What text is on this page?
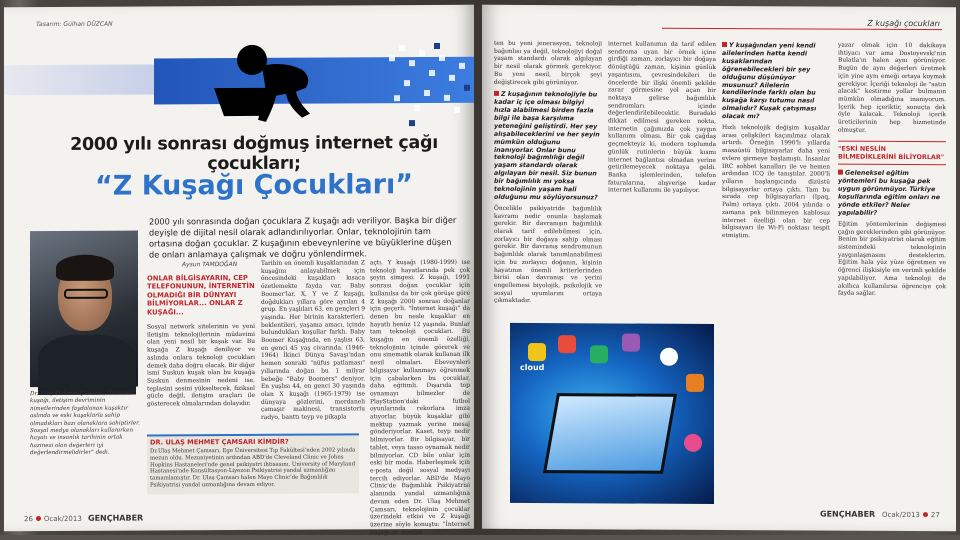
Tasarım: Gülhan DÜZCAN
2000 yılı sonrası doğmuş internet çağı çocukları;
“Z Kuşağı Çocukları”
2000 yılı sonrasında doğan çocuklara Z kuşağı adı veriliyor. Başka bir diğer deyişle de dijital nesil olarak adlandırılıyorlar. Onlar, teknolojinin tam ortasına doğan çocuklar. Z kuşağının ebeveynlerine ve büyüklerine düşen de onları anlamaya çalışmak ve doğru yönlendirmek.
Dr. Ulaş Mehmet Çamsarı, "İnternet kuşağı, iletişim devriminin nimetlerinden faydalanan kuşaktır aslında ve eski kuşaklarla sahip olmadıkları bazı olanaklara sahiptirler. Sosyal medya olanakları kullanırken hayatı ve insanlık tarihinin ortak hazinesi olan değerleri iyi değerlendirmelidirler" dedi.
Aysun TAMDOĞAN
ONLAR BİLGİSAYARIN, CEP TELEFONUNUN, İNTERNETİN OLMADIĞI BİR DÜNYAYI BİLMİYORLAR... ONLAR Z KUŞAĞI...
Sosyal network sitelerinin ve yeni iletişim teknolojilerinin müdavimi olan yeni nesil bir kuşak var. Bu kuşağa Z kuşağı deniliyor ve aslında onlara teknoloji çocukları demek daha doğru olacak. Bir diğer ismi Suskun kuşak olan bu kuşağa Suskun denmesinin nedeni ise, teplasini sesini yükseltecek, fiziksel gücle değil, iletişim araçları ile gösterecek olmalarından dolayıdır.
Tarihin en önemli kuşaklarından Z kuşağını anlayabilmek için öncesindeki kuşakları kısaca özetlemekte fayda var. Baby Boomer'lar, X, Y ve Z kuşağı, doğdukları yıllara göre ayrılan 4 grup. En yaşlıları 63, en gençleri 9 yaşında. Her birinin karakterleri, beklentileri, yaşama amacı, içinde bulundukları koşullar farklı. Baby Boomer Kuşağında, en yaşlısı 63, en genci 45 yaş civarında. (1946-1964) İkinci Dünya Savaşı'ndan hemen sonraki "nüfus patlaması" yıllarında doğan bu 1 milyar bebeğe "Baby Boomers" deniyor. En yaşlısı 44, en genci 30 yaşında olan X kuşağı (1965-1979) ise dünyaya gözlerini, merdaneli çamaşır makinesi, transistorlu radyo, banttı teyp ve pikapla
açtı. Y kuşağı (1980-1999) ise teknoloji hayatlarında pek çok şeyin simgesi. Z kuşağı, 1991 sonrası doğan çocuklar için kullanılsa da bir çok görüşe göre Z kuşağı 2000 sonrası doğanlar için geçerli. "İnternet kuşağı" da denen bu nesle kuşaklar en hayatlı henüz 12 yaşında. Bunlar tam teknoloji çocukları. Bu kuşağın en önemli özelliği, teknolojinin içinde görerek ve onu sinematik olarak kullanan ilk nesil olmaları. Ebeveynleri bilgisayar kullanmayı öğrenmek için çabalarken bu çocuklar, daha eğitimli. Dışarıda top oynamayı bilmezler de PlayStation'daki futbol oyunlarında rekorlara imza atıyorlar, büyük kuşaklar gibi mektup yazmak yerine mesaj gönderiyorlar. Kaset, teyp nedir bilmiyorlar. Bir bilgisayar, bir tablet, veya tasso oynamak nedir bilmiyorlar. CD bile onlar için eski bir moda. Haberleşmek için e-posta değil sosyal medyayı tercih ediyorlar. ABD'de Mayo Clinic'de Bağımlılık Psikiyatrisi alanında yandal uzmanlığına devam eden Dr. Ulaş Mehmet Çamsarı, teknolojinin çocuklar üzerindeki etkisi ve Z kuşağı üzerine söyle konuştu: "İnternet kuşağı da denilen
DR. ULAŞ MEHMET ÇAMSARI KİMDİR?

Dr.Ulaş Mehmet Çamsarı, Ege Üniversitesi Tıp Fakültesi'nden 2002 yılında mezun oldu. Mezuniyetinin ardından ABD'de Cleveland Clinic ve Johns Hopkins Hastaneleri'nde genel psikiyatri ihtisasını, University of Maryland Hastanesi'nde Konsültasyon-Liyezon Psikiyatrisi yandal uzmanlığını tamamlamıştır. Dr. Ulaş Çamsarı halen Mayo Clinic'de Bağımlılık Psikiyatrisi yandal uzmanlığına devam ediyor.

26 Ocak/2013 GENÇHABER
Z kuşağı çocukları
ten bu yeni jenerasyon, teknoloji bağımlısı ya değil, teknolojiyi doğal yaşam standardı olarak algılayan bir nesil olarak görmek gerekiyor. Bu yeni nesil, birçok şeyi değiştirecek gibi görünüyor.
Z kuşağının teknolojiyle bu kadar iç içe olması bilgiyi hızla alabilmesi birden fazla bilgi ile başa karşılıma yeteneğini geliştirdi. Her şey alışabileceklerini ve her şeyin mümkün olduğunu inanıyorlar. Onlar bunu teknoloji bağımlılığı değil yaşam standardı olarak algılayan bir nesil. Siz bunun bir bağımlılık mı yoksa teknolojinin yaşam hali olduğunu mu söylüyorsunuz?
Öncelikle psikiyatride bağımlılık kavramı nedir onunla başlamak gerekir. Bir davranışın bağımlılık olarak tarif edilebilmesi için, zorlayıcı bir doğaya sahip olması gerekir. Bir davranış sendromunun bağımlılık olarak tanımlanabilmesi için bu zorlayıcı doğanın, kişinin hayatının önemli kriterlerinden birisi olan davranışı ve yerini engellemesi biyolojik, psikolojik ve sosyal uyumlarını ortaya çıkmaktadır.
internet kullanımın da tarif edilen sendroma uyan bir örnek içine girdiği zaman, zorlayıcı bir doğaya dönüştüğü zaman, kişinin günlük yaşantısını, çevresindekileri ile öncelerde bir ilişki önemli şekilde zarar görmesine yol açan bir noktaya gelirse bağımlılık sendromları içinde değerlendirilebilecektir. Buradaki dikkat edilmesi gereken nokta, internetin çağımızda çok yaygın kullanımı olması. Bir çok çağdaş geçmekteyiz ki, modern toplumda günlük rutinlerin büyük kısmı internet bağlantısı olmadan yerine getirilemeyecek noktaya geldi. Banka işlemlerinden, telefon faturalarına, alışverişe kadar internet kullanımı ile yapılıyor.
Y kuşağından yeni kendi ailelerinden hatta kendi kuşaklarından öğrenebilecekleri bir şey olduğunu düşünüyor musunuz? Ailelerin kendilerinde farklı olan bu kuşağa karşı tutumu nasıl olmalıdır? Kuşak çatışması olacak mı?
Hızlı teknolojik değişim kuşaklar arası çelişkileri kaçınılmaz olarak artırdı. Örneğin 1990'lı yıllarda masaüstü bilgisayarlar daha yeni evlere girmeye başlamıştı. İnsanlar IRC sohbet kanalları ile ve hemen ardından ICQ ile tanıştılar. 2000'li yılların başlangıcında dizüstü bilgisayarlar ortaya çıktı. Tam bu sırada cep bilgisayarları (Ipaq, Palm) ortaya çıktı. 2004 yılında o zamana pek bilinmeyen kablosuz internet özelliği olan bir cep bilgisayarı ile Wi-Fi noktası tespit etmiştim.
yazar olmak için 10 dakikaya ihtiyacı var ama Dostoyevski'nin Bulatla'ın halen aynı görünüyor. Bugün de aynı değerleri üretmek için yine aynı emeği ortaya koymak gerekiyor. İçeriği teknoloji ile "satın alacak" kestirme yollar bulmanın mümkün olmadığına inanıyorum. İçerik hep içeriktir, sonuçta dek öyle kalacak. Teknoloji içerik üreticilerinin hep hizmetinde olmuştur.
"ESKİ NESLİN BİLMEDİKLERİNİ BİLİYORLAR"
Geleneksel eğitim yöntemleri bu kuşağa pek uygun görünmüyor. Türkiye koşullarında eğitim onları ne yönde etkiler? Neler yapılabilir?
Eğitim yöntemlerinin değişmesi çağın gereklerinden gibi görünüyor. Benim bir psikiyatrist olarak eğitim sistemindeki teknolojinin yaygınlaşmasını desteklerim. Eğitim hala yüz yüze öğretmen ve öğrenci ilişkisiyle en verimli şekilde yapılabiliyor. Ama teknoloji de akıllıca kullanılırsa öğrenciye çok fayda sağlar.
cloud
GENÇHABER Ocak/2013 27
